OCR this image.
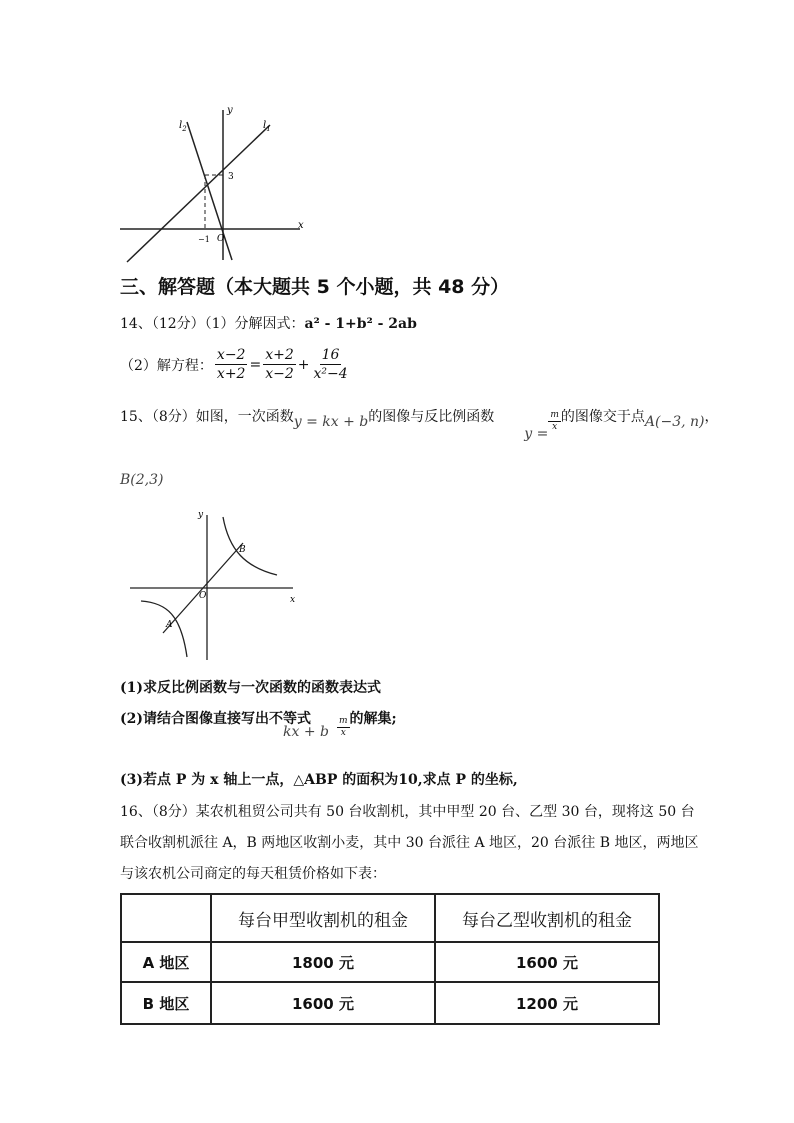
$l_2$	$l_1$
y
x
O
3
−1
三、解答题（本大题共 5 个小题，共 48 分）
14、（12分）（1）分解因式：a² - 1+b² - 2ab
（2）解方程： $\frac{x-2}{x+2} = \frac{x+2}{x-2} + \frac{16}{\text{x²−4}}$
15、（8分）如图，一次函数 y = kx + b 的图像与反比例函数
y =
$\frac{m}{x}$ 的图像交于点 A(−3, n) ，
B(2,3)
y
x
O
A
B
(1)求反比例函数与一次函数的函数表达式
(2)请结合图像直接写出不等式
kx + b $\frac{m}{x}$ 的解集;
(3)若点 P 为 x 轴上一点，△ABP 的面积为10,求点 P 的坐标,
16、（8分）某农机租贸公司共有 50 台收割机，其中甲型 20 台、乙型 30 台，现将这 50 台
联合收割机派往 A，B 两地区收割小麦，其中 30 台派往 A 地区，20 台派往 B 地区，两地区
与该农机公司商定的每天租赁价格如下表：
	每台甲型收割机的租金	每台乙型收割机的租金
A 地区	1800 元	1600 元
B 地区	1600 元	1200 元
